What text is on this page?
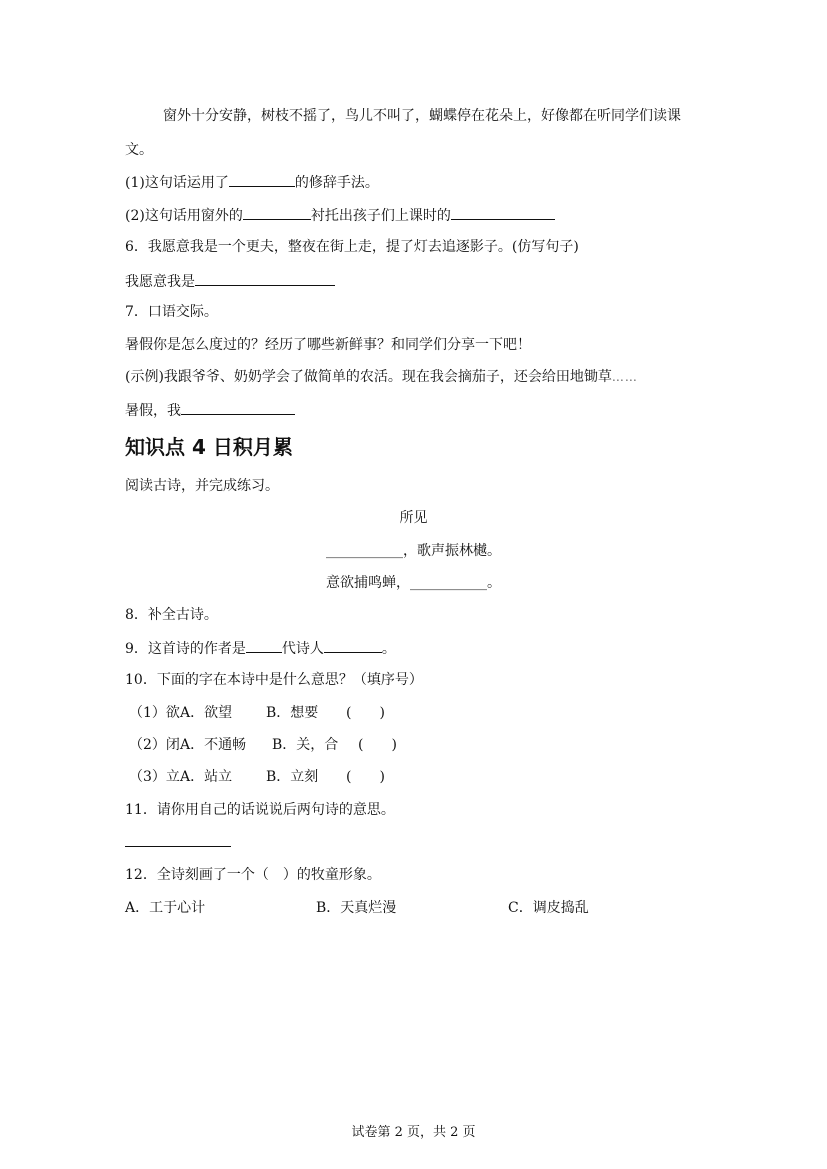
窗外十分安静，树枝不摇了，鸟儿不叫了，蝴蝶停在花朵上，好像都在听同学们读课
文。
(1)这句话运用了	的修辞手法。
(2)这句话用窗外的	衬托出孩子们上课时的
6．我愿意我是一个更夫，整夜在街上走，提了灯去追逐影子。(仿写句子)
我愿意我是
7．口语交际。
暑假你是怎么度过的？经历了哪些新鲜事？和同学们分享一下吧！
(示例)我跟爷爷、奶奶学会了做简单的农活。现在我会摘茄子，还会给田地锄草……
暑假，我
知识点 4 日积月累
阅读古诗，并完成练习。
所见
___________，歌声振林樾。
意欲捕鸣蝉，___________。
8．补全古诗。
9．这首诗的作者是	代诗人	。
10．下面的字在本诗中是什么意思？（填序号）
（1）欲A．欲望 B．想要 (　　)
（2）闭A．不通畅 B．关，合 (　　)
（3）立A．站立 B．立刻 (　　)
11．请你用自己的话说说后两句诗的意思。
12．全诗刻画了一个（　）的牧童形象。
A．工于心计	B．天真烂漫	C．调皮捣乱
试卷第 2 页，共 2 页
